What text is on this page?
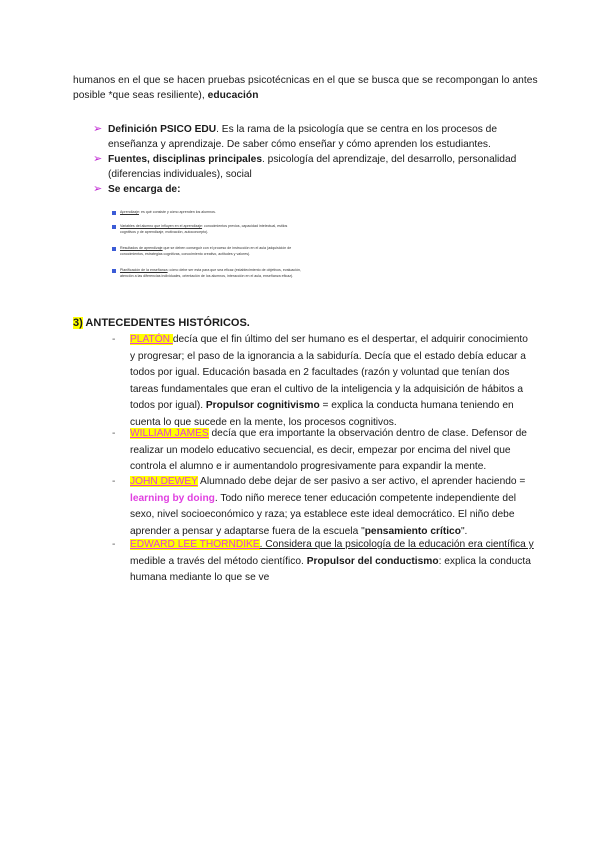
humanos en el que se hacen pruebas psicotécnicas en el que se busca que se recompongan lo antes
posible *que seas resiliente), educación
➢ Definición PSICO EDU. Es la rama de la psicología que se centra en los procesos de
enseñanza y aprendizaje. De saber cómo enseñar y cómo aprenden los estudiantes.
➢ Fuentes, disciplinas principales. psicología del aprendizaje, del desarrollo, personalidad
(diferencias individuales), social
➢ Se encarga de:
Aprendizaje: es qué consiste y cómo aprenden los alumnos.
Variables del alumno que influyen en el aprendizaje: conocimientos previos, capacidad intelectual, estilos
cognitivos y de aprendizaje, motivación, autoconcepto).
Resultados de aprendizaje que se deben conseguir con el proceso de instrucción en el aula (adquisición de
conocimientos, estrategias cognitivas, conocimiento creativo, actitudes y valores).
Planificación de la enseñanza: cómo debe ser esta para que sea eficaz (establecimiento de objetivos, evaluación,
atención a las diferencias individuales, orientación de los alumnos, interacción en el aula, enseñanza eficaz).
3) ANTECEDENTES HISTÓRICOS.
- PLATÓN decía que el fin último del ser humano es el despertar, el adquirir conocimiento
y progresar; el paso de la ignorancia a la sabiduría. Decía que el estado debía educar a
todos por igual. Educación basada en 2 facultades (razón y voluntad que tenían dos
tareas fundamentales que eran el cultivo de la inteligencia y la adquisición de hábitos a
todos por igual). Propulsor cognitivismo = explica la conducta humana teniendo en
cuenta lo que sucede en la mente, los procesos cognitivos.
- WILLIAM JAMES decía que era importante la observación dentro de clase. Defensor de
realizar un modelo educativo secuencial, es decir, empezar por encima del nivel que
controla el alumno e ir aumentandolo progresivamente para expandir la mente.
- JOHN DEWEY Alumnado debe dejar de ser pasivo a ser activo, el aprender haciendo =
learning by doing. Todo niño merece tener educación competente independiente del
sexo, nivel socioeconómico y raza; ya establece este ideal democrático. El niño debe
aprender a pensar y adaptarse fuera de la escuela "pensamiento crítico".
- EDWARD LEE THORNDIKE. Considera que la psicología de la educación era científica y
medible a través del método científico. Propulsor del conductismo: explica la conducta
humana mediante lo que se ve
